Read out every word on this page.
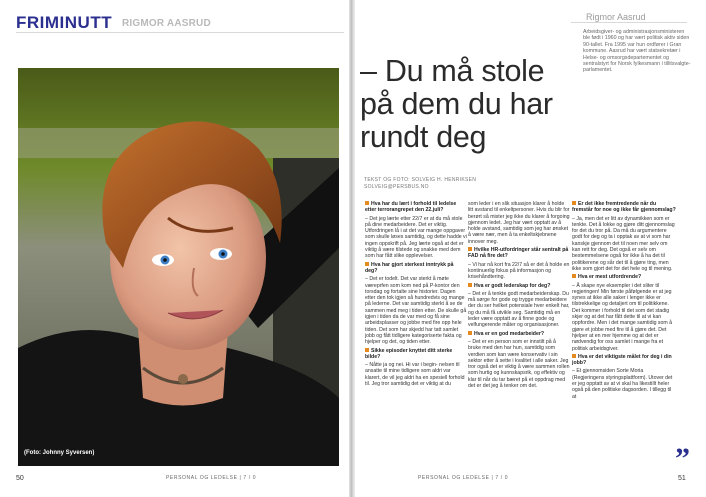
FRIMINUTT RIGMOR AASRUD
(Foto: Johnny Syversen)
50	PERSONAL OG LEDELSE | 7 / 0
Rigmor Aasrud
Arbeidsgiver- og administrasjonsministeren ble født i 1960 og har vært politisk aktiv siden 90-tallet. Fra 1995 var hun ordfører i Gran kommune. Aasrud har vært statsekretær i Helse- og omsorgsdepartementet og sentralstyrt for Norsk fylkesmann i tillitsvalgte-parlamentet.
– Du må stole
på dem du har
rundt deg
TEKST OG FOTO: SOLVEIG H. HENRIKSEN
SOLVEIG@PERSBUS.NO

Hva har du lært i forhold til ledelse etter terrorangrepet den 22.juli?

– Det jeg lærte etter 22/7 er at du må stole på dine medarbeidere. Det er viktig. Utfordringen lå i at det var mange oppgaver som skulle løses samtidig, og dette hadde vi ingen oppskrift på. Jeg lærte også at det er viktig å være tilstede og snakke med dem som har fått slike opplevelser.

Hva har gjort sterkest inntrykk på deg?

– Det er todelt. Det var sterkt å møte væreprfen som kom ned på P-kontor den torsdag og fortalte sine historier. Dagen etter den tok igjen så hundredvis og mange på lederne. Det var samtidig sterkt å se de sammen med meg i tiden etter. De skulle gå igjen i tiden da de var med og få sine arbeidsplasser og jobbe med fire opp hele tiden. Det som har skjedd har tatt samlet jobb og fått tidligere kategoriserte fakta og hjelper og det, og tiden etter.

Sikke episoder knyttet ditt sterke bilde?

– Nåtte ja og nei. Hi var i begin- nelsen til ansatte til mine tidligere som aldri var klarert, de vil jeg aldri ha en spesiell forhold til. Jeg tror samtidig det er viktig at du

som leder i en slik situasjon klarer å holde litt avstand til enkeltpersoner. Hvis du blir for berørt så mister jeg ikke du klarer å forgoing gjennom ledet. Jeg har vært opptatt av å holde avstand, samtidig som jeg har ønsket å være nær, men å ta enkeltskjebnene innover meg.

Hvilke HR-utfordringer står sentralt på FAD nå fire det?

– Vi har nå kort fra 22/7 så er det å holde en kontinuerlig fokus på informasjon og krisehåndtering.

Hva er godt lederskap for deg?

– Det er å tenkte godt medarbeiderskap. Du må sørge for gode og trygge medarbeidere der du ser hvilket potensiale hver enkelt har, og du må få utvikle seg. Samtidig må en leder være opptatt av å finne gode og velfungerende måter og organisasjoner.

Hva er en god medarbeider?

– Det er en person som er innstilt på å bruke med den har hun, samtidig som verdien som kan være konservativ i sin sektor etter å sette i kvalitet i alle saker. Jeg tror også det er viktig å være sammen rollen som hurtig og kunnskapsrik, og effektiv og klar til når du tar bæret på et oppdrag med det er det jeg å tenker om det.

Er det ikke fremtredende når du fremstår for noe og ikke får gjennomslag?

– Ja, men det er litt av dynamikken som er tenkte. Det å lokke og gjøre ditt gjennomslag for det du tror på. Da må du argumentere godt for deg og ta i opptak av at vi som har kanskje gjennom det til noen mer selv om kan rett for deg. Det også er selv om bestemmelsene også for ikke å ha det til politikerene og sår det til å gjøre ting, men ikke som gjort det for det hele og til mening.

Hva er mest utfordrende?

– Å skape nye eksempler i det sliter til regjeringen! Min første påfølgende er at jeg synes at ikke alle saker i lenger ikke er tilstrekkelige og detaljert om til politikkene. Det kommer i forhold til det som det stadig skjer og at det har fått dette til at vi kan oppfordre. Men i det mange samtidig som å gjøre et jobbe med fire til å gjøre det. Det hjelper at en mer hjemme og at det er nødvendig for oss samlet i mange fra et politisk arbeidsgiver.

Hva er det viktigste målet for deg i din jobb?

– Et gjennomsiden Sorte Moria (Regjeringens styringsplattform). Utover det er jeg opptatt av at vi skal ha likestillt heler også på den politiske dagsorden. I tillegg til at

”
PERSONAL OG LEDELSE | 7 / 0	51
